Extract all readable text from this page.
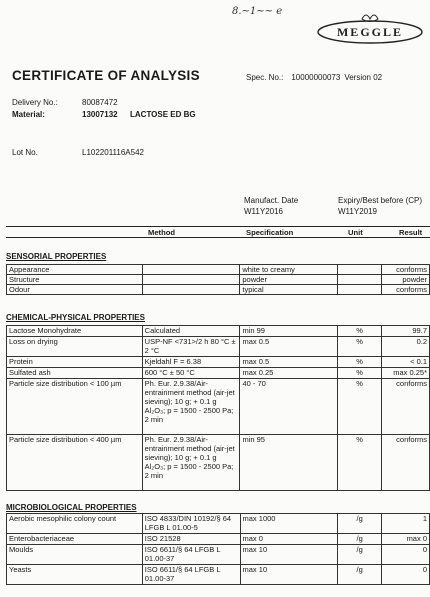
8.~1~~ e
MEGGLE
CERTIFICATE OF ANALYSIS	Spec. No.: 10000000073 Version 02
Delivery No.:	80087472
Material:	13007132 LACTOSE ED BG
Lot No.	L102201116A542
Manufact. Date
W11Y2016
Expiry/Best before (CP)
W11Y2019
Method	Specification	Unit	Result
SENSORIAL PROPERTIES
Appearance		white to creamy		conforms
Structure		powder		powder
Odour		typical		conforms
CHEMICAL-PHYSICAL PROPERTIES
Lactose Monohydrate	Calculated	min 99	%	99.7
Loss on drying	USP-NF <731>/2 h 80 °C ± 2 °C	max 0.5	%	0.2
Protein	Kjeldahl F = 6.38	max 0.5	%	< 0.1
Sulfated ash	600 °C ± 50 °C	max 0.25	%	max 0.25*
Particle size distribution < 100 µm	Ph. Eur. 2.9.38/Air-entrainment method (air-jet sieving); 10 g; + 0.1 g Al₂O₃; p = 1500 - 2500 Pa; 2 min	40 - 70	%	conforms
Particle size distribution < 400 µm	Ph. Eur. 2.9.38/Air-entrainment method (air-jet sieving); 10 g; + 0.1 g Al₂O₃; p = 1500 - 2500 Pa; 2 min	min 95	%	conforms
MICROBIOLOGICAL PROPERTIES
Aerobic mesophilic colony count	ISO 4833/DIN 10192/§ 64 LFGB L 01.00-5	max 1000	/g	1
Enterobacteriaceae	ISO 21528	max 0	/g	max 0
Moulds	ISO 6611/§ 64 LFGB L 01.00-37	max 10	/g	0
Yeasts	ISO 6611/§ 64 LFGB L 01.00-37	max 10	/g	0
